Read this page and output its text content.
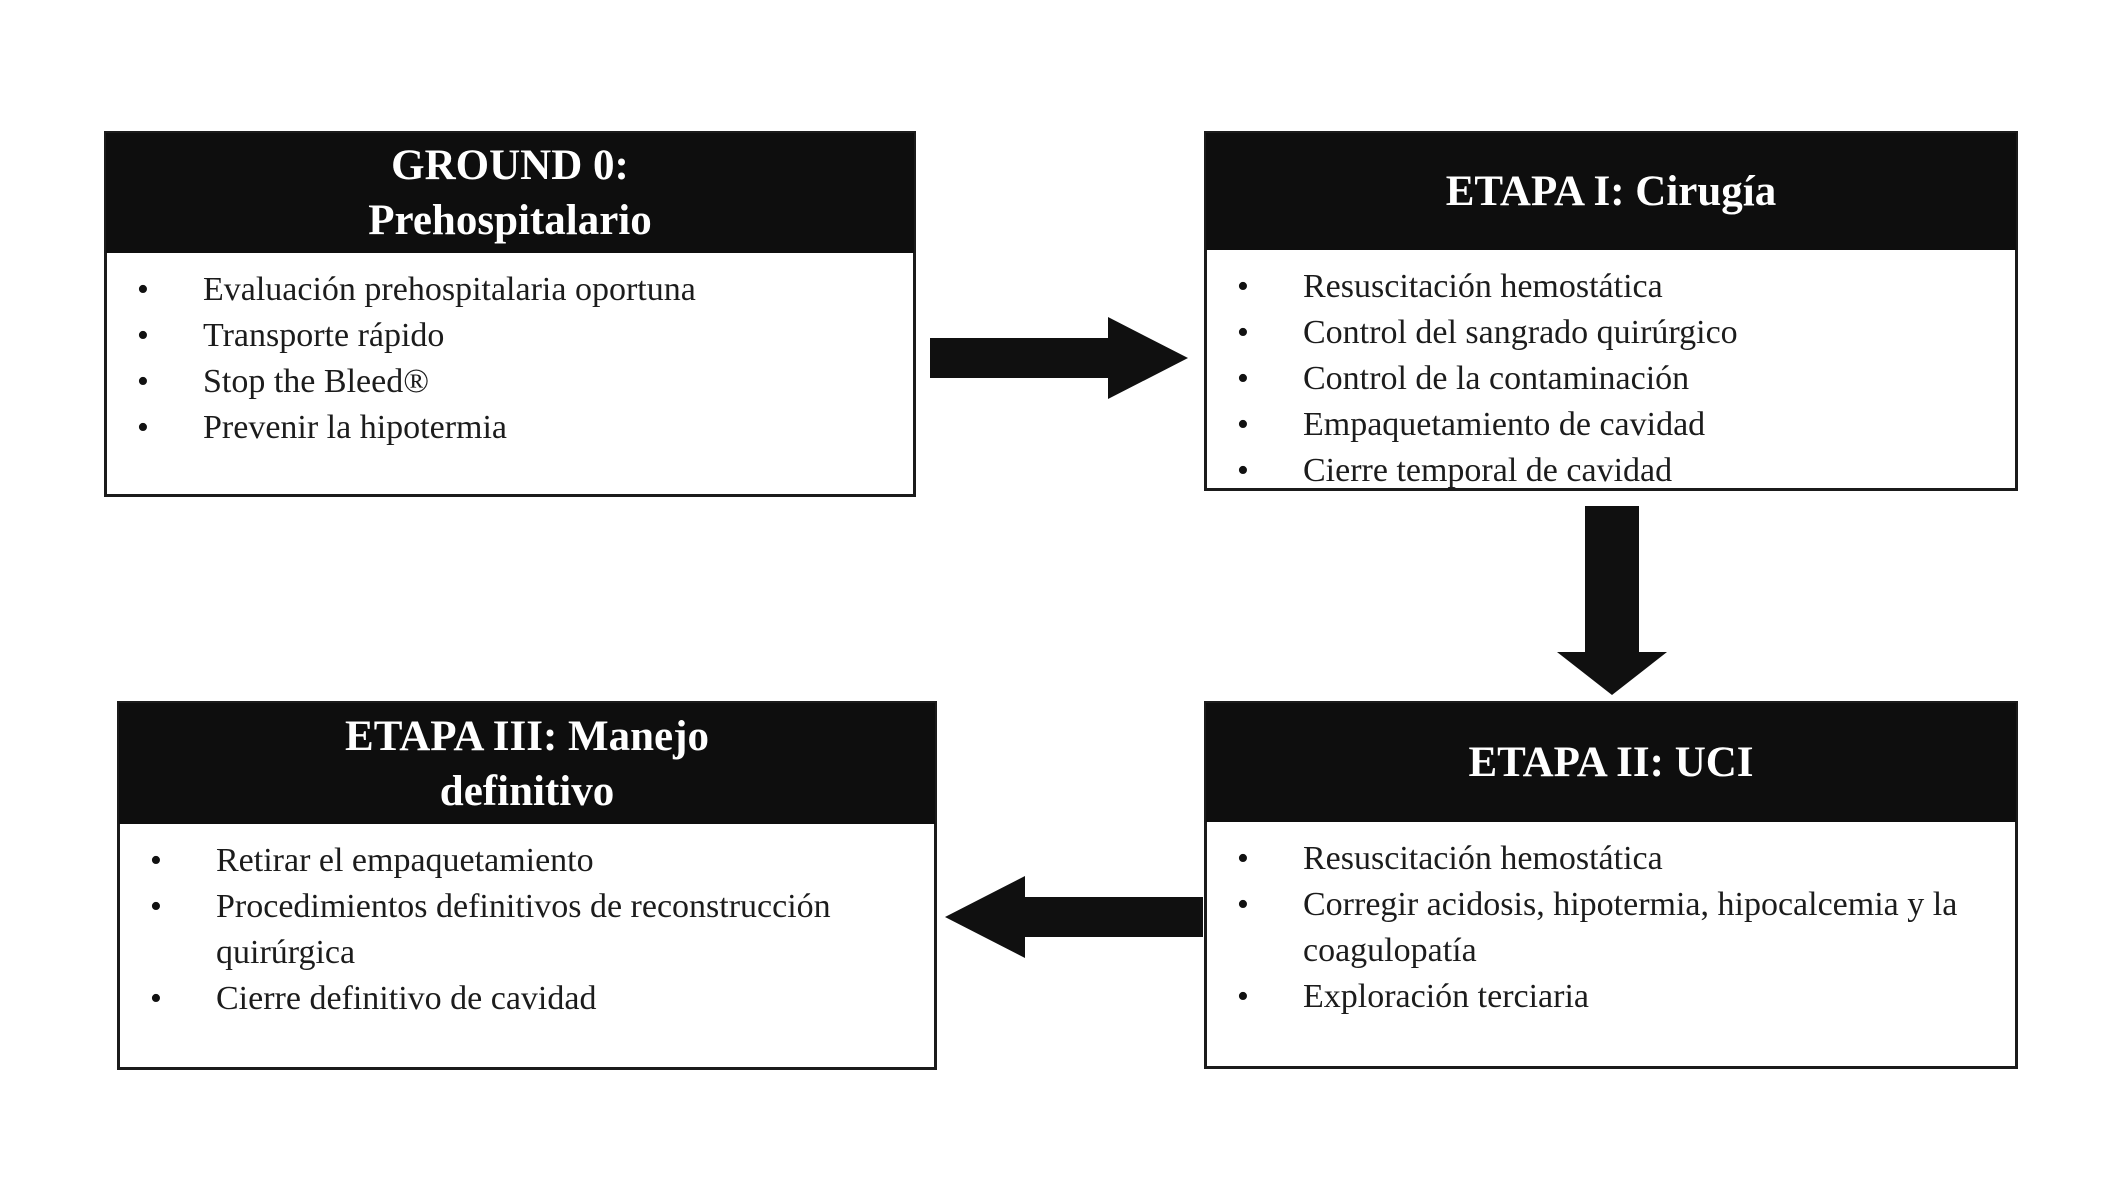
GROUND 0:
Prehospitalario
• Evaluación prehospitalaria oportuna
• Transporte rápido
• Stop the Bleed®
• Prevenir la hipotermia
ETAPA I: Cirugía
• Resuscitación hemostática
• Control del sangrado quirúrgico
• Control de la contaminación
• Empaquetamiento de cavidad
• Cierre temporal de cavidad
ETAPA II: UCI
• Resuscitación hemostática
• Corregir acidosis, hipotermia, hipocalcemia y la coagulopatía
• Exploración terciaria
ETAPA III: Manejo
definitivo
• Retirar el empaquetamiento
• Procedimientos definitivos de reconstrucción quirúrgica
• Cierre definitivo de cavidad
